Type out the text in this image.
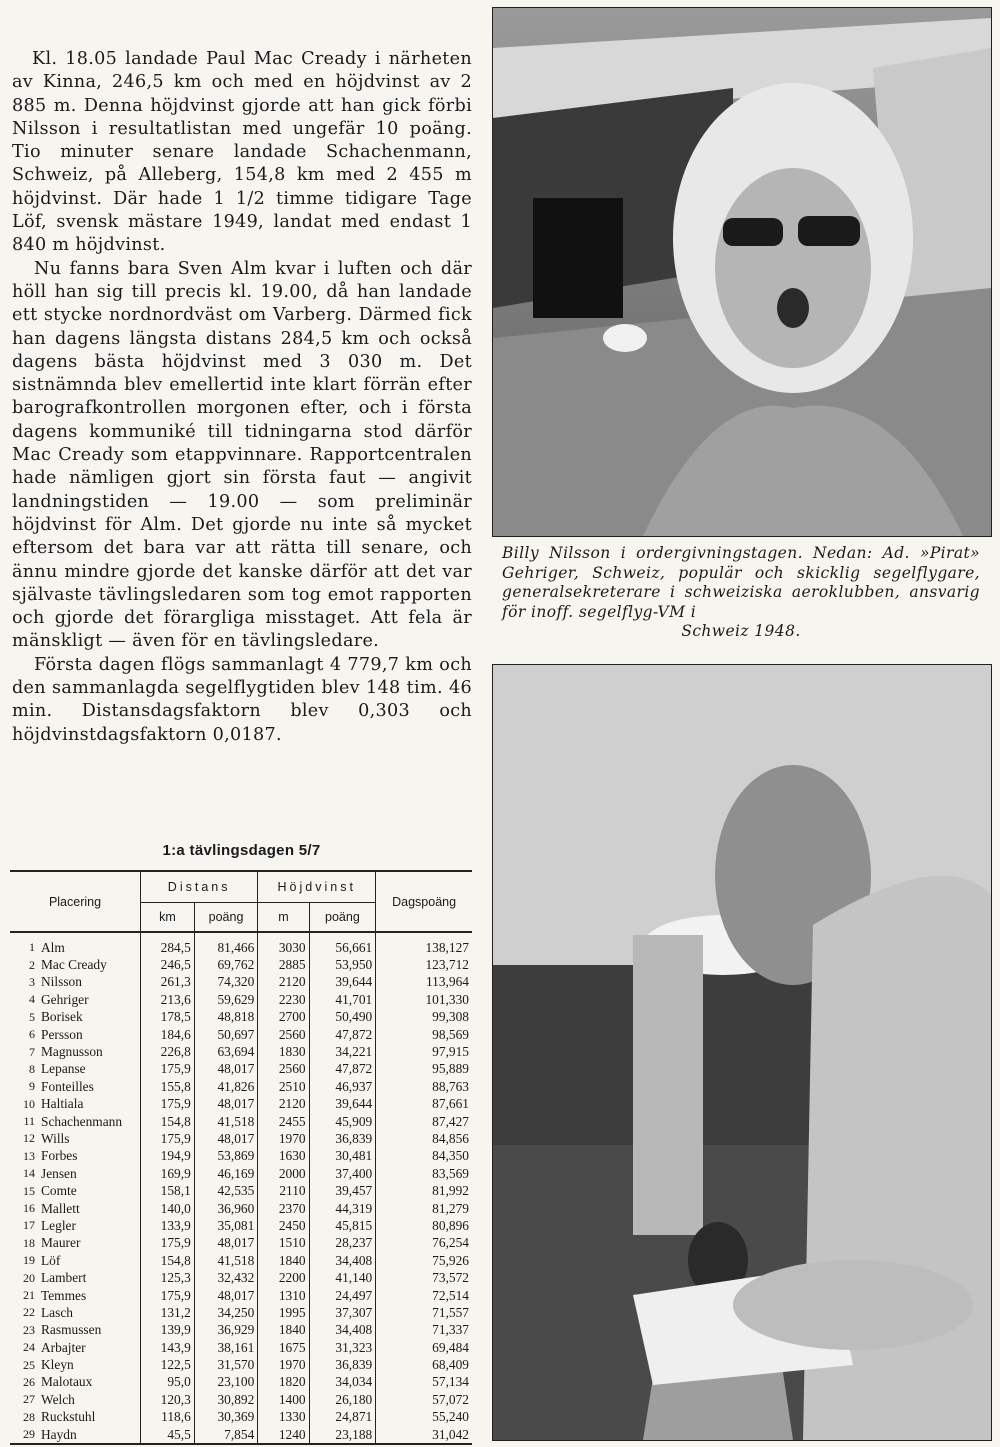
Kl. 18.05 landade Paul Mac Cready i närheten av Kinna, 246,5 km och med en höjdvinst av 2 885 m. Denna höjdvinst gjorde att han gick förbi Nilsson i resultatlistan med ungefär 10 poäng. Tio minuter senare landade Schachenmann, Schweiz, på Alleberg, 154,8 km med 2 455 m höjdvinst. Där hade 1 1/2 timme tidigare Tage Löf, svensk mästare 1949, landat med endast 1 840 m höjdvinst.

Nu fanns bara Sven Alm kvar i luften och där höll han sig till precis kl. 19.00, då han landade ett stycke nordnordväst om Varberg. Därmed fick han dagens längsta distans 284,5 km och också dagens bästa höjdvinst med 3 030 m. Det sistnämnda blev emellertid inte klart förrän efter barografkontrollen morgonen efter, och i första dagens kommuniké till tidningarna stod därför Mac Cready som etappvinnare. Rapportcentralen hade nämligen gjort sin första faut — angivit landningstiden — 19.00 — som preliminär höjdvinst för Alm. Det gjorde nu inte så mycket eftersom det bara var att rätta till senare, och ännu mindre gjorde det kanske därför att det var självaste tävlingsledaren som tog emot rapporten och gjorde det förargliga misstaget. Att fela är mänskligt — även för en tävlingsledare.

Första dagen flögs sammanlagt 4 779,7 km och den sammanlagda segelflygtiden blev 148 tim. 46 min. Distansdagsfaktorn blev 0,303 och höjdvinstdagsfaktorn 0,0187.

Billy Nilsson i ordergivningstagen. Nedan: Ad. »Pirat» Gehriger, Schweiz, populär och skicklig segelflygare, generalsekreterare i schweiziska aeroklubben, ansvarig för inoff. segelflyg-VM i
Schweiz 1948.
1:a tävlingsdagen 5/7
Placering		Distans		Höjdvinst		Dagspoäng
		km	poäng	m	poäng	
1	Alm	284,5	81,466	3030	56,661	138,127
2	Mac Cready	246,5	69,762	2885	53,950	123,712
3	Nilsson	261,3	74,320	2120	39,644	113,964
4	Gehriger	213,6	59,629	2230	41,701	101,330
5	Borisek	178,5	48,818	2700	50,490	99,308
6	Persson	184,6	50,697	2560	47,872	98,569
7	Magnusson	226,8	63,694	1830	34,221	97,915
8	Lepanse	175,9	48,017	2560	47,872	95,889
9	Fonteilles	155,8	41,826	2510	46,937	88,763
10	Haltiala	175,9	48,017	2120	39,644	87,661
11	Schachenmann	154,8	41,518	2455	45,909	87,427
12	Wills	175,9	48,017	1970	36,839	84,856
13	Forbes	194,9	53,869	1630	30,481	84,350
14	Jensen	169,9	46,169	2000	37,400	83,569
15	Comte	158,1	42,535	2110	39,457	81,992
16	Mallett	140,0	36,960	2370	44,319	81,279
17	Legler	133,9	35,081	2450	45,815	80,896
18	Maurer	175,9	48,017	1510	28,237	76,254
19	Löf	154,8	41,518	1840	34,408	75,926
20	Lambert	125,3	32,432	2200	41,140	73,572
21	Temmes	175,9	48,017	1310	24,497	72,514
22	Lasch	131,2	34,250	1995	37,307	71,557
23	Rasmussen	139,9	36,929	1840	34,408	71,337
24	Arbajter	143,9	38,161	1675	31,323	69,484
25	Kleyn	122,5	31,570	1970	36,839	68,409
26	Malotaux	95,0	23,100	1820	34,034	57,134
27	Welch	120,3	30,892	1400	26,180	57,072
28	Ruckstuhl	118,6	30,369	1330	24,871	55,240
29	Haydn	45,5	7,854	1240	23,188	31,042
